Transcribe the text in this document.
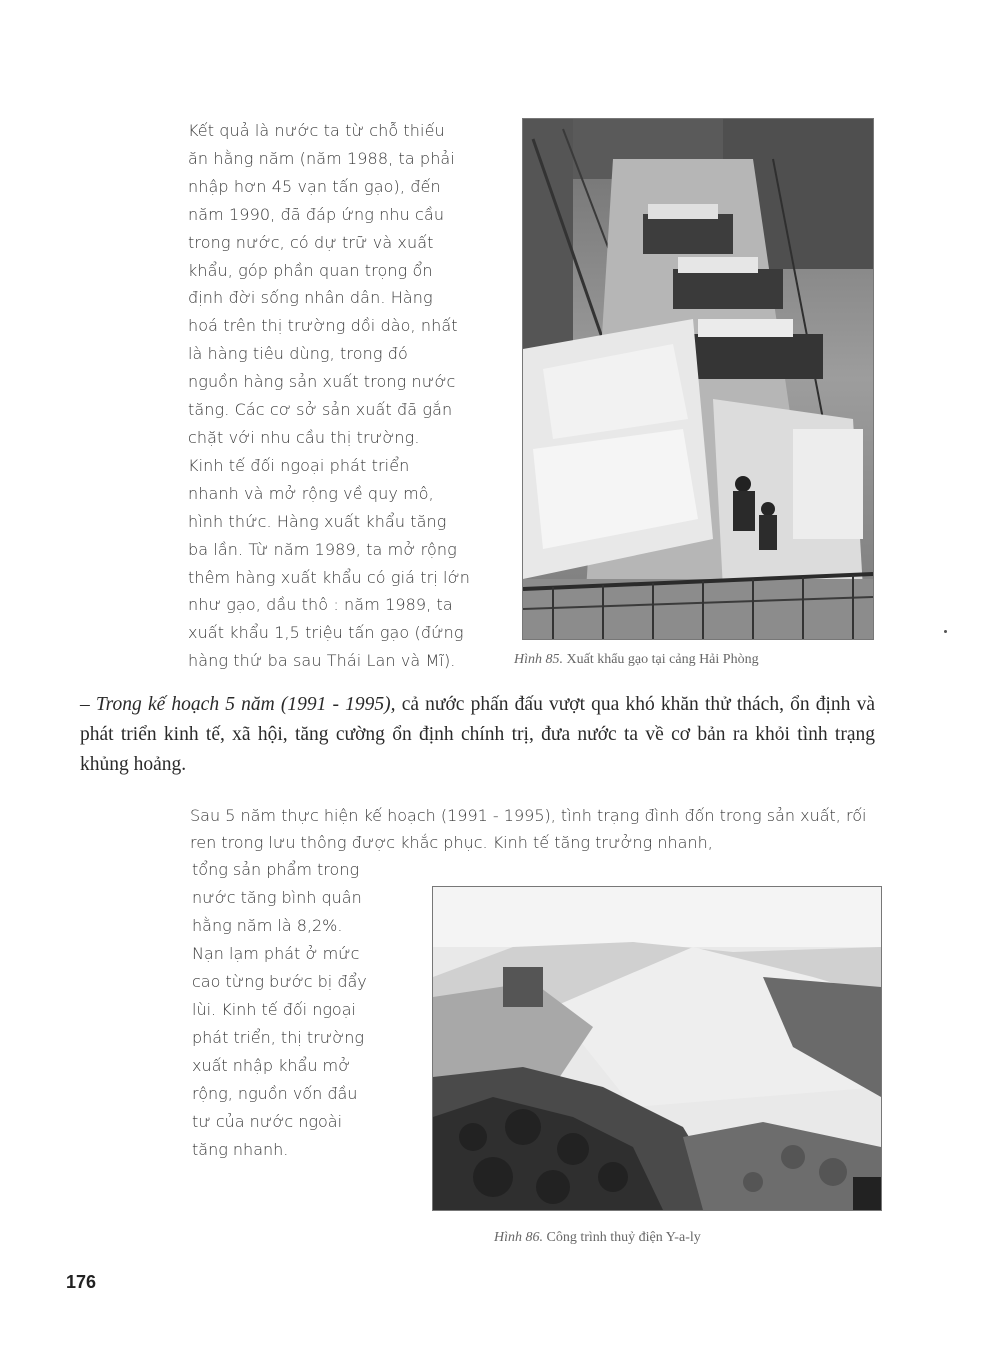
Kết quả là nước ta từ chỗ thiếu
ăn hằng năm (năm 1988, ta phải
nhập hơn 45 vạn tấn gạo), đến
năm 1990, đã đáp ứng nhu cầu
trong nước, có dự trữ và xuất
khẩu, góp phần quan trọng ổn
định đời sống nhân dân. Hàng
hoá trên thị trường dồi dào, nhất
là hàng tiêu dùng, trong đó
nguồn hàng sản xuất trong nước
tăng. Các cơ sở sản xuất đã gắn
chặt với nhu cầu thị trường.

Kinh tế đối ngoại phát triển
nhanh và mở rộng về quy mô,
hình thức. Hàng xuất khẩu tăng
ba lần. Từ năm 1989, ta mở rộng
thêm hàng xuất khẩu có giá trị lớn
như gạo, dầu thô : năm 1989, ta
xuất khẩu 1,5 triệu tấn gạo (đứng
hàng thứ ba sau Thái Lan và Mĩ).	Hình 85. Xuất khẩu gạo tại cảng Hải Phòng
– Trong kế hoạch 5 năm (1991 - 1995), cả nước phấn đấu vượt qua khó khăn thử thách, ổn định và phát triển kinh tế, xã hội, tăng cường ổn định chính trị, đưa nước ta về cơ bản ra khỏi tình trạng khủng hoảng.
Sau 5 năm thực hiện kế hoạch (1991 - 1995), tình trạng đình đốn trong sản xuất, rối ren trong lưu thông được khắc phục. Kinh tế tăng trưởng nhanh,
tổng sản phẩm trong
nước tăng bình quân
hằng năm là 8,2%.
Nạn lạm phát ở mức
cao từng bước bị đẩy
lùi. Kinh tế đối ngoại
phát triển, thị trường
xuất nhập khẩu mở
rộng, nguồn vốn đầu
tư của nước ngoài
tăng nhanh.
Hình 86. Công trình thuỷ điện Y-a-ly
176
